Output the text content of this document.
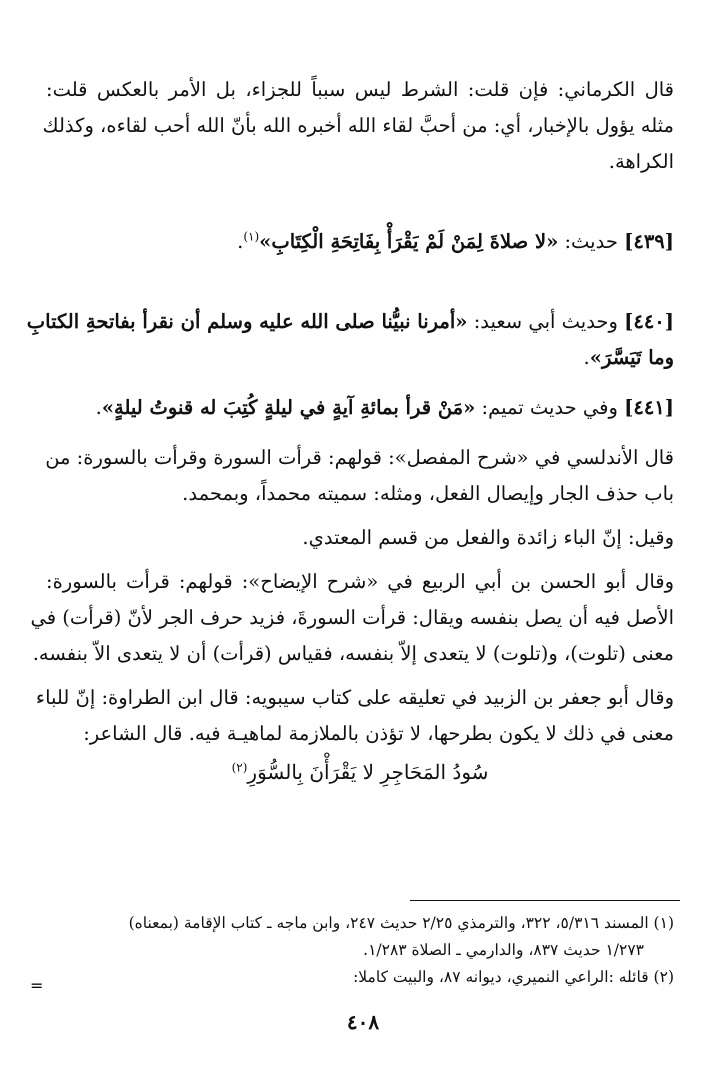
قال الكرماني: فإن قلت: الشرط ليس سبباً للجزاء، بل الأمر بالعكس قلت:
مثله يؤول بالإخبار، أي: من أحبَّ لقاء الله أخبره الله بأنّ الله أحب لقاءه، وكذلك
الكراهة.

[٤٣٩] حديث: «لا صلاةَ لِمَنْ لَمْ يَقْرَأْ بِفَاتِحَةِ الْكِتَابِ»$^{(١)}$.

[٤٤٠] وحديث أبي سعيد: «أمرنا نبيُّنا صلى الله عليه وسلم أن نقرأ بفاتحةِ الكتابِ
وما تَيَسَّرَ».

[٤٤١] وفي حديث تميم: «مَنْ قرأ بمائةِ آيةٍ في ليلةٍ كُتِبَ له قنوتُ ليلةٍ».

قال الأندلسي في «شرح المفصل»: قولهم: قرأت السورة وقرأت بالسورة: من
باب حذف الجار وإيصال الفعل، ومثله: سميته محمداً، وبمحمد.

وقيل: إنّ الباء زائدة والفعل من قسم المعتدي.

وقال أبو الحسن بن أبي الربيع في «شرح الإيضاح»: قولهم: قرأت بالسورة:
الأصل فيه أن يصل بنفسه ويقال: قرأت السورةَ، فزيد حرف الجر لأنّ (قرأت) في
معنى (تلوت)، و(تلوت) لا يتعدى إلاّ بنفسه، فقياس (قرأت) أن لا يتعدى الاّ بنفسه.

وقال أبو جعفر بن الزبيد في تعليقه على كتاب سيبويه: قال ابن الطراوة: إنّ للباء
معنى في ذلك لا يكون بطرحها، لا تؤذن بالملازمة لماهيـة فيه. قال الشاعر:

سُودُ المَحَاجِرِ لا يَقْرَأْنَ بِالسُّوَرِ$^{(٢)}$

(١) المسند ٥/٣١٦، ٣٢٢، والترمذي ٢/٢٥ حديث ٢٤٧، وابن ماجه ـ كتاب الإقامة (بمعناه)
١/٢٧٣ حديث ٨٣٧، والدارمي ـ الصلاة ١/٢٨٣.

(٢) قائله :الراعي النميري، ديوانه ٨٧، والبيت كاملا:

=
٤٠٨
